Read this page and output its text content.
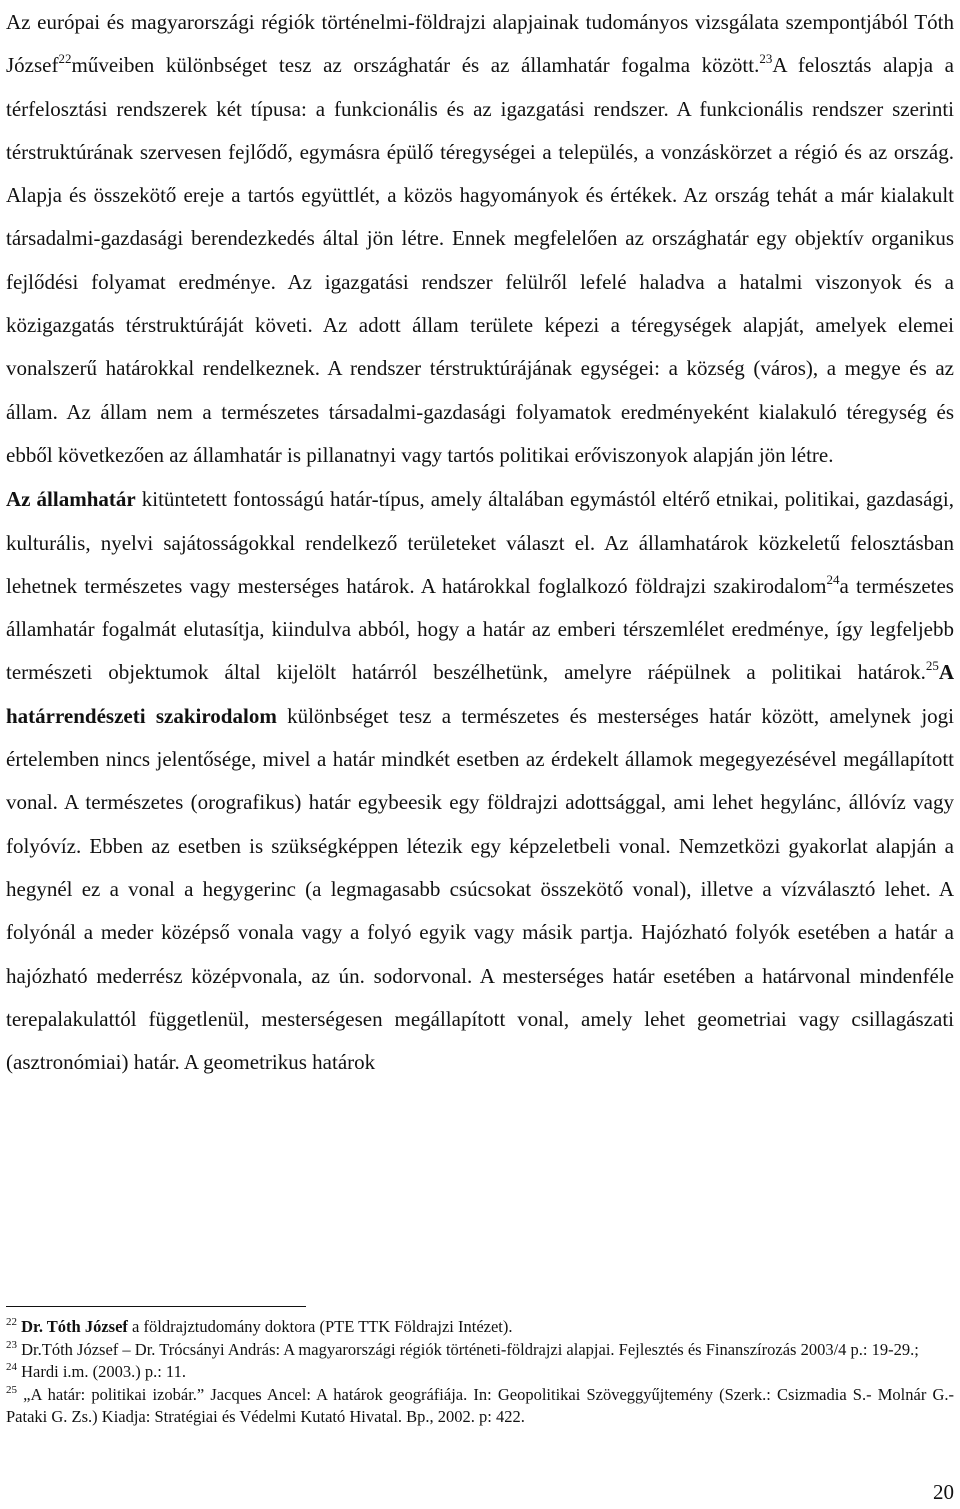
Az európai és magyarországi régiók történelmi-földrajzi alapjainak tudományos vizsgálata szempontjából Tóth József$^{22}$műveiben különbséget tesz az országhatár és az államhatár fogalma között.$^{23}$A felosztás alapja a térfelosztási rendszerek két típusa: a funkcionális és az igazgatási rendszer. A funkcionális rendszer szerinti térstruktúrának szervesen fejlődő, egymásra épülő téregységei a település, a vonzáskörzet a régió és az ország. Alapja és összekötő ereje a tartós együttlét, a közös hagyományok és értékek. Az ország tehát a már kialakult társadalmi-gazdasági berendezkedés által jön létre. Ennek megfelelően az országhatár egy objektív organikus fejlődési folyamat eredménye. Az igazgatási rendszer felülről lefelé haladva a hatalmi viszonyok és a közigazgatás térstruktúráját követi. Az adott állam területe képezi a téregységek alapját, amelyek elemei vonalszerű határokkal rendelkeznek. A rendszer térstruktúrájának egységei: a község (város), a megye és az állam. Az állam nem a természetes társadalmi-gazdasági folyamatok eredményeként kialakuló téregység és ebből következően az államhatár is pillanatnyi vagy tartós politikai erőviszonyok alapján jön létre.

Az államhatár kitüntetett fontosságú határ-típus, amely általában egymástól eltérő etnikai, politikai, gazdasági, kulturális, nyelvi sajátosságokkal rendelkező területeket választ el. Az államhatárok közkeletű felosztásban lehetnek természetes vagy mesterséges határok. A határokkal foglalkozó földrajzi szakirodalom$^{24}$a természetes államhatár fogalmát elutasítja, kiindulva abból, hogy a határ az emberi térszemlélet eredménye, így legfeljebb természeti objektumok által kijelölt határról beszélhetünk, amelyre ráépülnek a politikai határok.$^{25}$A határrendészeti szakirodalom különbséget tesz a természetes és mesterséges határ között, amelynek jogi értelemben nincs jelentősége, mivel a határ mindkét esetben az érdekelt államok megegyezésével megállapított vonal. A természetes (orografikus) határ egybeesik egy földrajzi adottsággal, ami lehet hegylánc, állóvíz vagy folyóvíz. Ebben az esetben is szükségképpen létezik egy képzeletbeli vonal. Nemzetközi gyakorlat alapján a hegynél ez a vonal a hegygerinc (a legmagasabb csúcsokat összekötő vonal), illetve a vízválasztó lehet. A folyónál a meder középső vonala vagy a folyó egyik vagy másik partja. Hajózható folyók esetében a határ a hajózható mederrész középvonala, az ún. sodorvonal. A mesterséges határ esetében a határvonal mindenféle terepalakulattól függetlenül, mesterségesen megállapított vonal, amely lehet geometriai vagy csillagászati (asztronómiai) határ. A geometrikus határok

$^{22}$ Dr. Tóth József a földrajztudomány doktora (PTE TTK Földrajzi Intézet).

$^{23}$ Dr.Tóth József – Dr. Trócsányi András: A magyarországi régiók történeti-földrajzi alapjai. Fejlesztés és Finanszírozás 2003/4 p.: 19-29.;

$^{24}$ Hardi i.m. (2003.) p.: 11.

$^{25}$ „A határ: politikai izobár.” Jacques Ancel: A határok geográfiája. In: Geopolitikai Szöveggyűjtemény (Szerk.: Csizmadia S.- Molnár G.- Pataki G. Zs.) Kiadja: Stratégiai és Védelmi Kutató Hivatal. Bp., 2002. p: 422.

20
